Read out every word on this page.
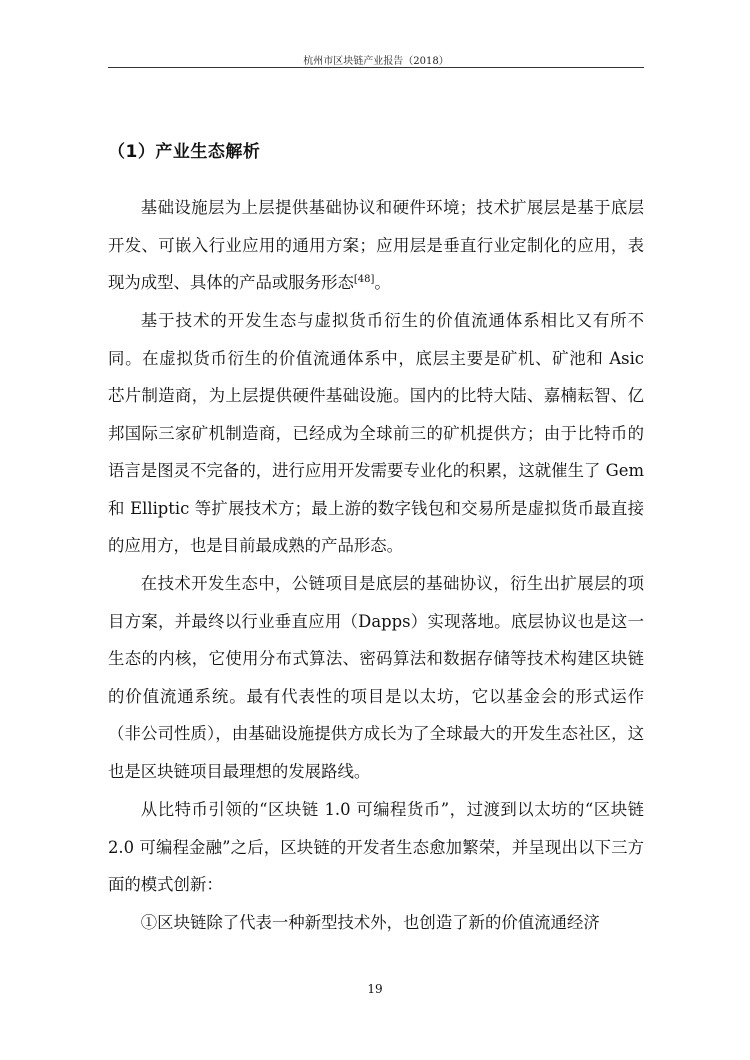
杭州市区块链产业报告（2018）
（1）产业生态解析

基础设施层为上层提供基础协议和硬件环境；技术扩展层是基于底层开发、可嵌入行业应用的通用方案；应用层是垂直行业定制化的应用，表现为成型、具体的产品或服务形态[48]。

基于技术的开发生态与虚拟货币衍生的价值流通体系相比又有所不同。在虚拟货币衍生的价值流通体系中，底层主要是矿机、矿池和 Asic 芯片制造商，为上层提供硬件基础设施。国内的比特大陆、嘉楠耘智、亿邦国际三家矿机制造商，已经成为全球前三的矿机提供方；由于比特币的语言是图灵不完备的，进行应用开发需要专业化的积累，这就催生了 Gem 和 Elliptic 等扩展技术方；最上游的数字钱包和交易所是虚拟货币最直接的应用方，也是目前最成熟的产品形态。

在技术开发生态中，公链项目是底层的基础协议，衍生出扩展层的项目方案，并最终以行业垂直应用（Dapps）实现落地。底层协议也是这一生态的内核，它使用分布式算法、密码算法和数据存储等技术构建区块链的价值流通系统。最有代表性的项目是以太坊，它以基金会的形式运作（非公司性质），由基础设施提供方成长为了全球最大的开发生态社区，这也是区块链项目最理想的发展路线。

从比特币引领的“区块链 1.0 可编程货币”，过渡到以太坊的“区块链 2.0 可编程金融”之后，区块链的开发者生态愈加繁荣，并呈现出以下三方面的模式创新：

①区块链除了代表一种新型技术外，也创造了新的价值流通经济

19
